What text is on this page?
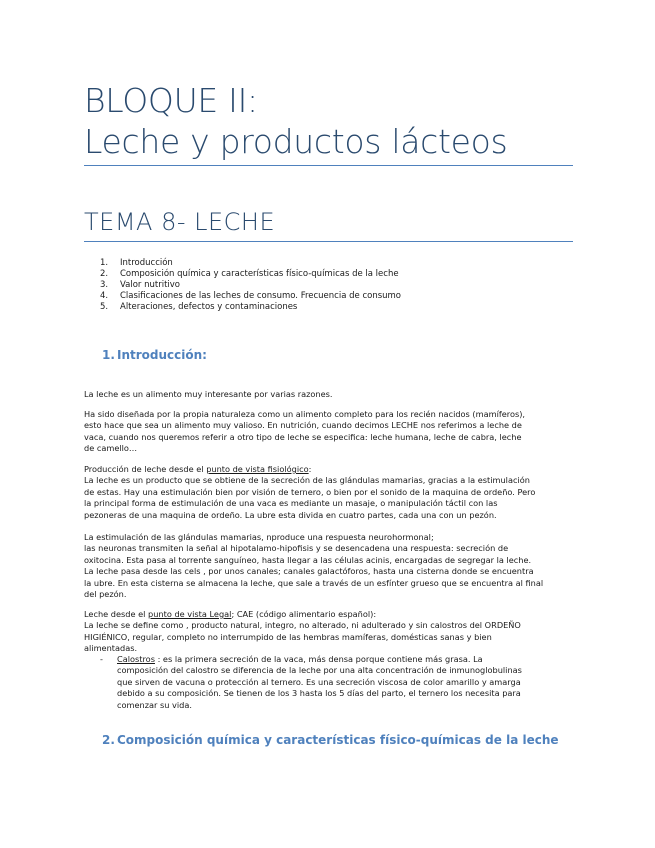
BLOQUE II:
Leche y productos lácteos
TEMA 8- LECHE
1. Introducción
2. Composición química y características físico-químicas de la leche
3. Valor nutritivo
4. Clasificaciones de las leches de consumo. Frecuencia de consumo
5. Alteraciones, defectos y contaminaciones
1. Introducción:
La leche es un alimento muy interesante por varias razones.
Ha sido diseñada por la propia naturaleza como un alimento completo para los recién nacidos (mamíferos),
esto hace que sea un alimento muy valioso. En nutrición, cuando decimos LECHE nos referimos a leche de
vaca, cuando nos queremos referir a otro tipo de leche se especifica: leche humana, leche de cabra, leche
de camello…
Producción de leche desde el punto de vista fisiológico:
La leche es un producto que se obtiene de la secreción de las glándulas mamarias, gracias a la estimulación
de estas. Hay una estimulación bien por visión de ternero, o bien por el sonido de la maquina de ordeño. Pero
la principal forma de estimulación de una vaca es mediante un masaje, o manipulación táctil con las
pezoneras de una maquina de ordeño. La ubre esta divida en cuatro partes, cada una con un pezón.
La estimulación de las glándulas mamarias, nproduce una respuesta neurohormonal;
las neuronas transmiten la señal al hipotalamo-hipofisis y se desencadena una respuesta: secreción de
oxitocina. Esta pasa al torrente sanguíneo, hasta llegar a las células acinis, encargadas de segregar la leche.
La leche pasa desde las cels , por unos canales; canales galactóforos, hasta una cisterna donde se encuentra
la ubre. En esta cisterna se almacena la leche, que sale a través de un esfínter grueso que se encuentra al final
del pezón.
Leche desde el punto de vista Legal; CAE (código alimentario español):
La leche se define como , producto natural, integro, no alterado, ni adulterado y sin calostros del ORDEÑO
HIGIÉNICO, regular, completo no interrumpido de las hembras mamíferas, domésticas sanas y bien
alimentadas.
- Calostros : es la primera secreción de la vaca, más densa porque contiene más grasa. La
composición del calostro se diferencia de la leche por una alta concentración de inmunoglobulinas
que sirven de vacuna o protección al ternero. Es una secreción viscosa de color amarillo y amarga
debido a su composición. Se tienen de los 3 hasta los 5 días del parto, el ternero los necesita para
comenzar su vida.
2. Composición química y características físico-químicas de la leche
